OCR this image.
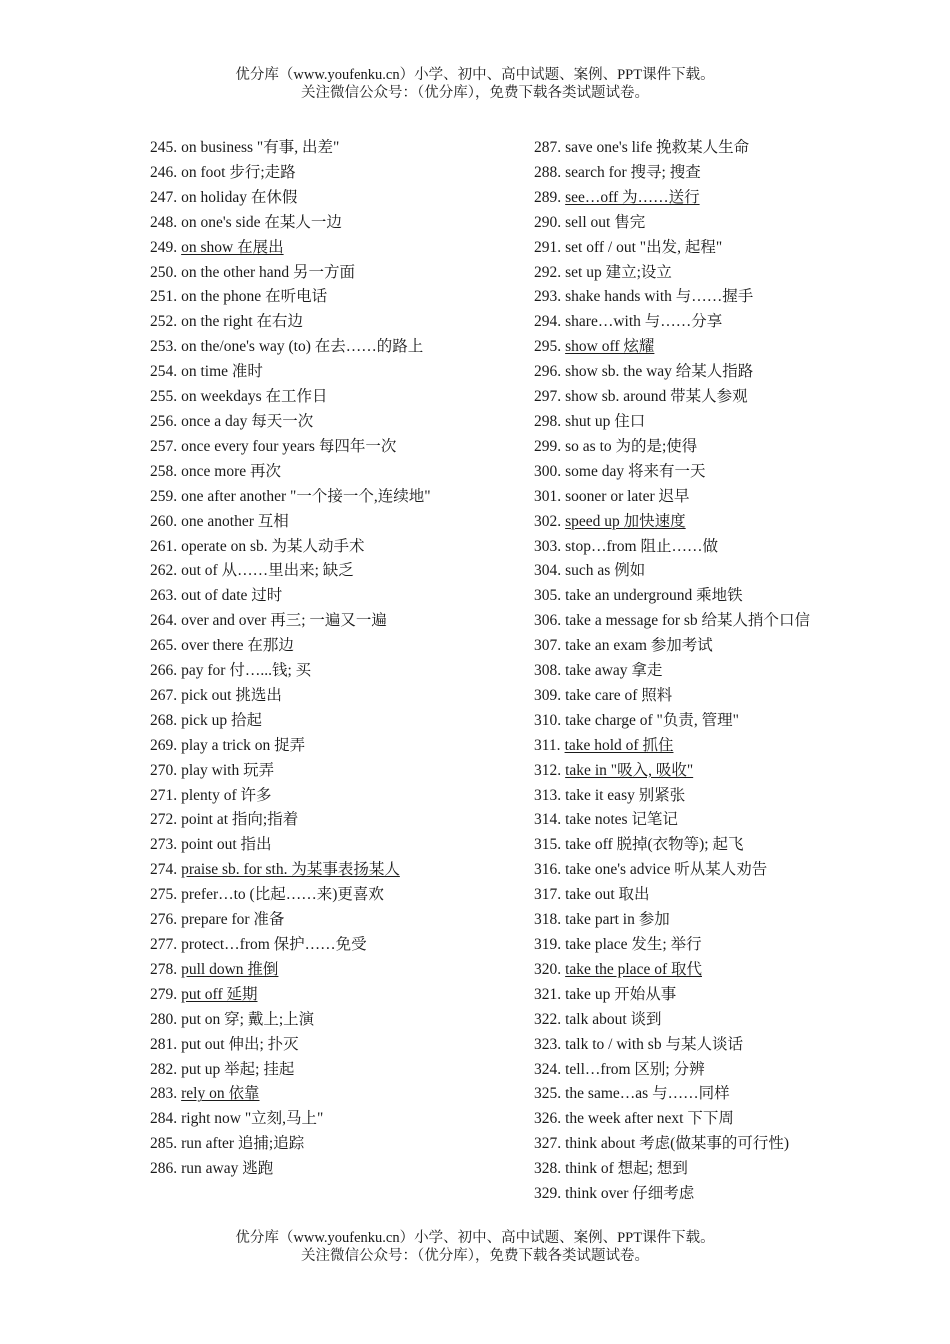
优分库（www.youfenku.cn）小学、初中、高中试题、案例、PPT课件下载。
关注微信公众号：（优分库），免费下载各类试题试卷。
245. on business "有事, 出差"
246. on foot 步行;走路
247. on holiday 在休假
248. on one's side 在某人一边
249. on show 在展出
250. on the other hand 另一方面
251. on the phone 在听电话
252. on the right 在右边
253. on the/one's way (to) 在去……的路上
254. on time 准时
255. on weekdays 在工作日
256. once a day 每天一次
257. once every four years 每四年一次
258. once more 再次
259. one after another "一个接一个,连续地"
260. one another 互相
261. operate on sb. 为某人动手术
262. out of 从……里出来; 缺乏
263. out of date 过时
264. over and over 再三; 一遍又一遍
265. over there 在那边
266. pay for 付…...钱; 买
267. pick out 挑选出
268. pick up 拾起
269. play a trick on 捉弄
270. play with 玩弄
271. plenty of 许多
272. point at 指向;指着
273. point out 指出
274. praise sb. for sth. 为某事表扬某人
275. prefer…to (比起……来)更喜欢
276. prepare for 准备
277. protect…from 保护……免受
278. pull down 推倒
279. put off 延期
280. put on 穿; 戴上;上演
281. put out 伸出; 扑灭
282. put up 举起; 挂起
283. rely on 依靠
284. right now "立刻,马上"
285. run after 追捕;追踪
286. run away 逃跑
287. save one's life 挽救某人生命
288. search for 搜寻; 搜查
289. see…off 为……送行
290. sell out 售完
291. set off / out "出发, 起程"
292. set up 建立;设立
293. shake hands with 与……握手
294. share…with 与……分享
295. show off 炫耀
296. show sb. the way 给某人指路
297. show sb. around 带某人参观
298. shut up 住口
299. so as to 为的是;使得
300. some day 将来有一天
301. sooner or later 迟早
302. speed up 加快速度
303. stop…from 阻止……做
304. such as 例如
305. take an underground 乘地铁
306. take a message for sb 给某人捎个口信
307. take an exam 参加考试
308. take away 拿走
309. take care of 照料
310. take charge of "负责, 管理"
311. take hold of 抓住
312. take in "吸入, 吸收"
313. take it easy 别紧张
314. take notes 记笔记
315. take off 脱掉(衣物等); 起飞
316. take one's advice 听从某人劝告
317. take out 取出
318. take part in 参加
319. take place 发生; 举行
320. take the place of 取代
321. take up 开始从事
322. talk about 谈到
323. talk to / with sb 与某人谈话
324. tell…from 区别; 分辨
325. the same…as 与……同样
326. the week after next 下下周
327. think about 考虑(做某事的可行性)
328. think of 想起; 想到
329. think over 仔细考虑
优分库（www.youfenku.cn）小学、初中、高中试题、案例、PPT课件下载。
关注微信公众号：（优分库），免费下载各类试题试卷。
